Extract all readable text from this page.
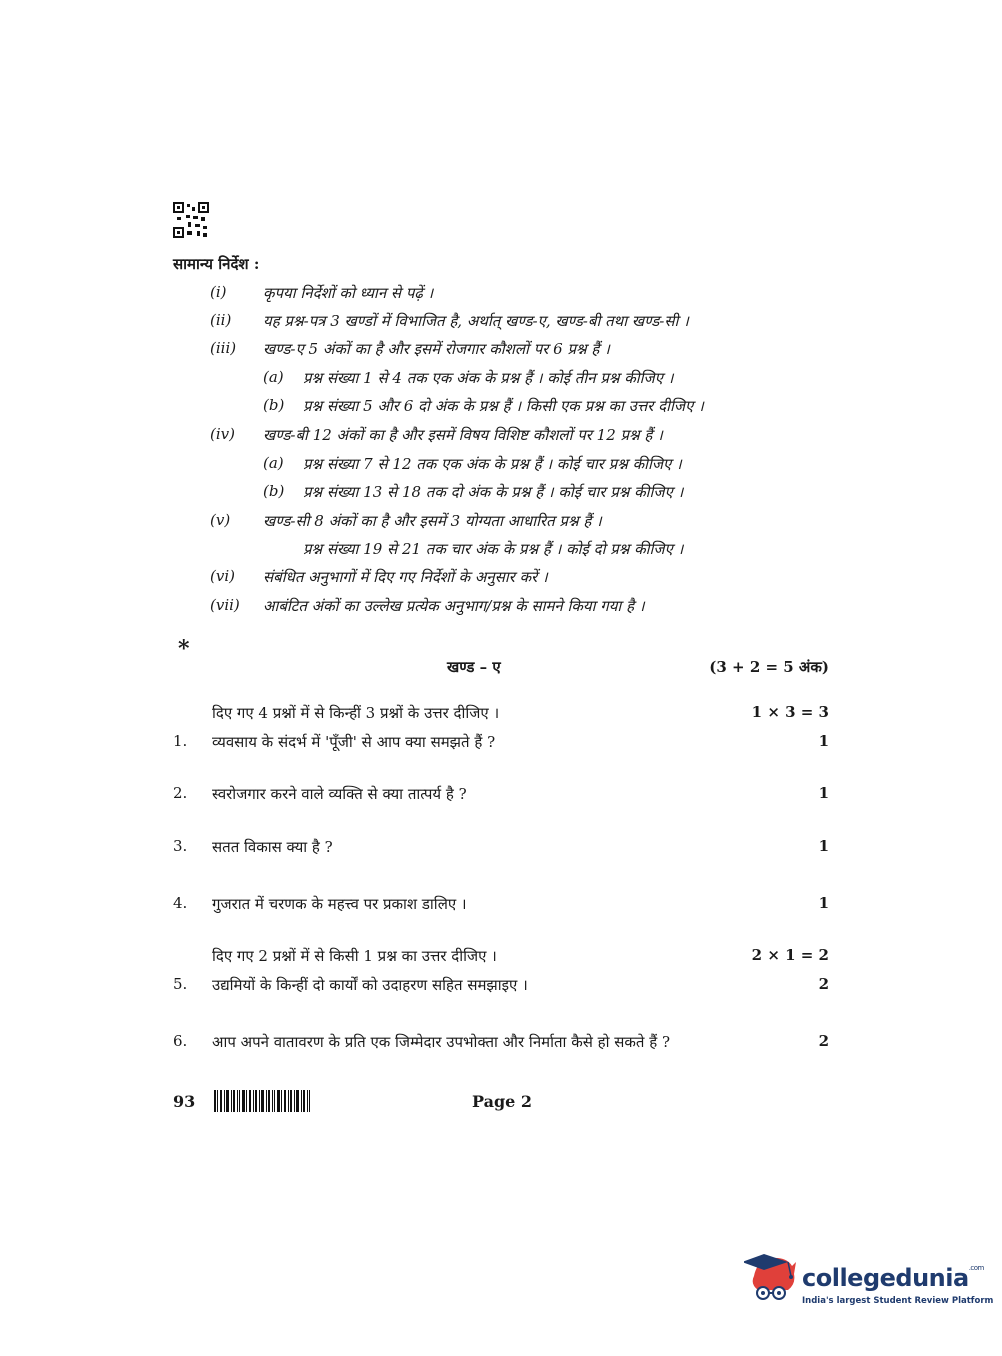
सामान्य निर्देश :
(i)	कृपया निर्देशों को ध्यान से पढ़ें ।
(ii)	यह प्रश्न-पत्र 3 खण्डों में विभाजित है, अर्थात् खण्ड-ए, खण्ड-बी तथा खण्ड-सी ।
(iii)	खण्ड-ए 5 अंकों का है और इसमें रोजगार कौशलों पर 6 प्रश्न हैं ।
(a)	प्रश्न संख्या 1 से 4 तक एक अंक के प्रश्न हैं । कोई तीन प्रश्न कीजिए ।
(b)	प्रश्न संख्या 5 और 6 दो अंक के प्रश्न हैं । किसी एक प्रश्न का उत्तर दीजिए ।
(iv)	खण्ड-बी 12 अंकों का है और इसमें विषय विशिष्ट कौशलों पर 12 प्रश्न हैं ।
(a)	प्रश्न संख्या 7 से 12 तक एक अंक के प्रश्न हैं । कोई चार प्रश्न कीजिए ।
(b)	प्रश्न संख्या 13 से 18 तक दो अंक के प्रश्न हैं । कोई चार प्रश्न कीजिए ।
(v)	खण्ड-सी 8 अंकों का है और इसमें 3 योग्यता आधारित प्रश्न हैं ।
प्रश्न संख्या 19 से 21 तक चार अंक के प्रश्न हैं । कोई दो प्रश्न कीजिए ।
(vi)	संबंधित अनुभागों में दिए गए निर्देशों के अनुसार करें ।
(vii)	आबंटित अंकों का उल्लेख प्रत्येक अनुभाग/प्रश्न के सामने किया गया है ।
*
खण्ड – ए	(3 + 2 = 5 अंक)
दिए गए 4 प्रश्नों में से किन्हीं 3 प्रश्नों के उत्तर दीजिए ।	1 × 3 = 3
1.	व्यवसाय के संदर्भ में 'पूँजी' से आप क्या समझते हैं ?	1
2.	स्वरोजगार करने वाले व्यक्ति से क्या तात्पर्य है ?	1
3.	सतत विकास क्या है ?	1
4.	गुजरात में चरणक के महत्त्व पर प्रकाश डालिए ।	1
दिए गए 2 प्रश्नों में से किसी 1 प्रश्न का उत्तर दीजिए ।	2 × 1 = 2
5.	उद्यमियों के किन्हीं दो कार्यों को उदाहरण सहित समझाइए ।	2
6.	आप अपने वातावरण के प्रति एक जिम्मेदार उपभोक्ता और निर्माता कैसे हो सकते हैं ?	2
93	Page 2
collegedunia$^{.com}$
India's largest Student Review Platform
